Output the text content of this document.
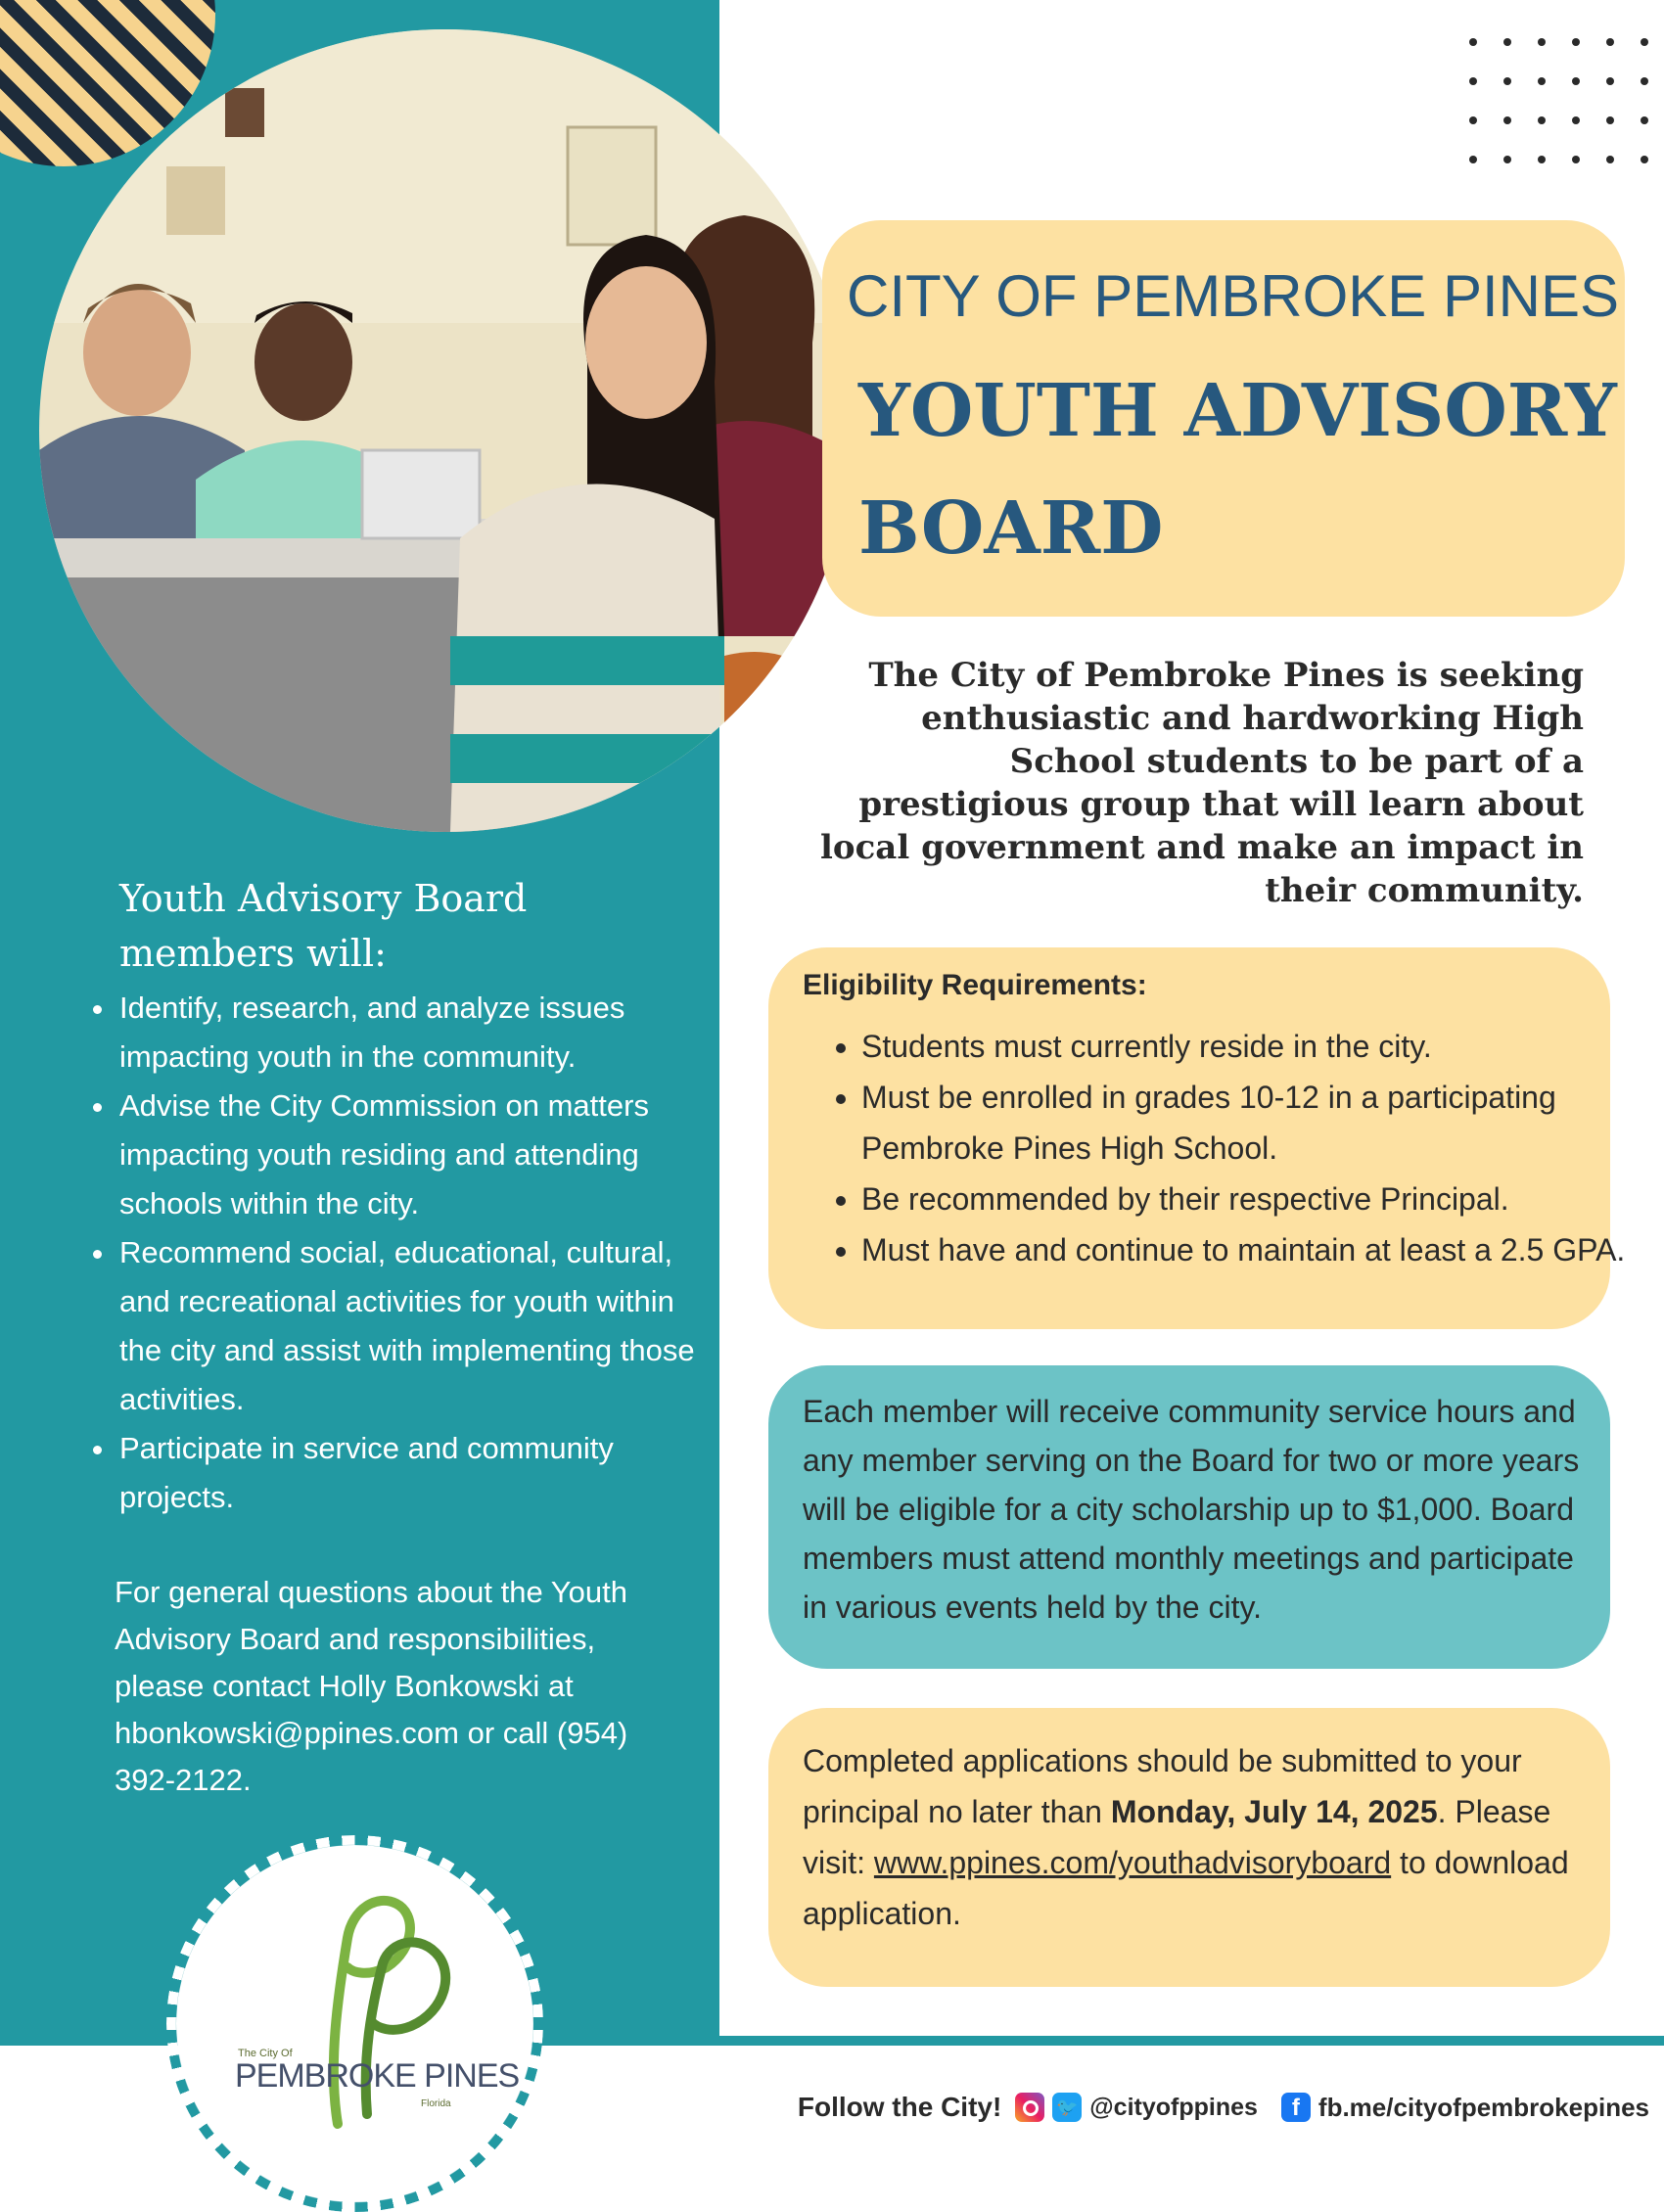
CITY OF PEMBROKE PINES
YOUTH ADVISORY
BOARD
The City of Pembroke Pines is seeking enthusiastic and hardworking High School students to be part of a prestigious group that will learn about local government and make an impact in their community.
Youth Advisory Board members will:
• Identify, research, and analyze issues impacting youth in the community.
• Advise the City Commission on matters impacting youth residing and attending schools within the city.
• Recommend social, educational, cultural, and recreational activities for youth within the city and assist with implementing those activities.
• Participate in service and community projects.
For general questions about the Youth Advisory Board and responsibilities, please contact Holly Bonkowski at hbonkowski@ppines.com or call (954) 392-2122.
Eligibility Requirements:
• Students must currently reside in the city.
• Must be enrolled in grades 10-12 in a participating Pembroke Pines High School.
• Be recommended by their respective Principal.
• Must have and continue to maintain at least a 2.5 GPA.
Each member will receive community service hours and any member serving on the Board for two or more years will be eligible for a city scholarship up to $1,000. Board members must attend monthly meetings and participate in various events held by the city.
Completed applications should be submitted to your principal no later than Monday, July 14, 2025. Please visit: www.ppines.com/youthadvisoryboard to download application.
The City Of
PEMBROKE PINES
Florida	Follow the City!	🐦 @cityofppines	f fb.me/cityofpembrokepines
